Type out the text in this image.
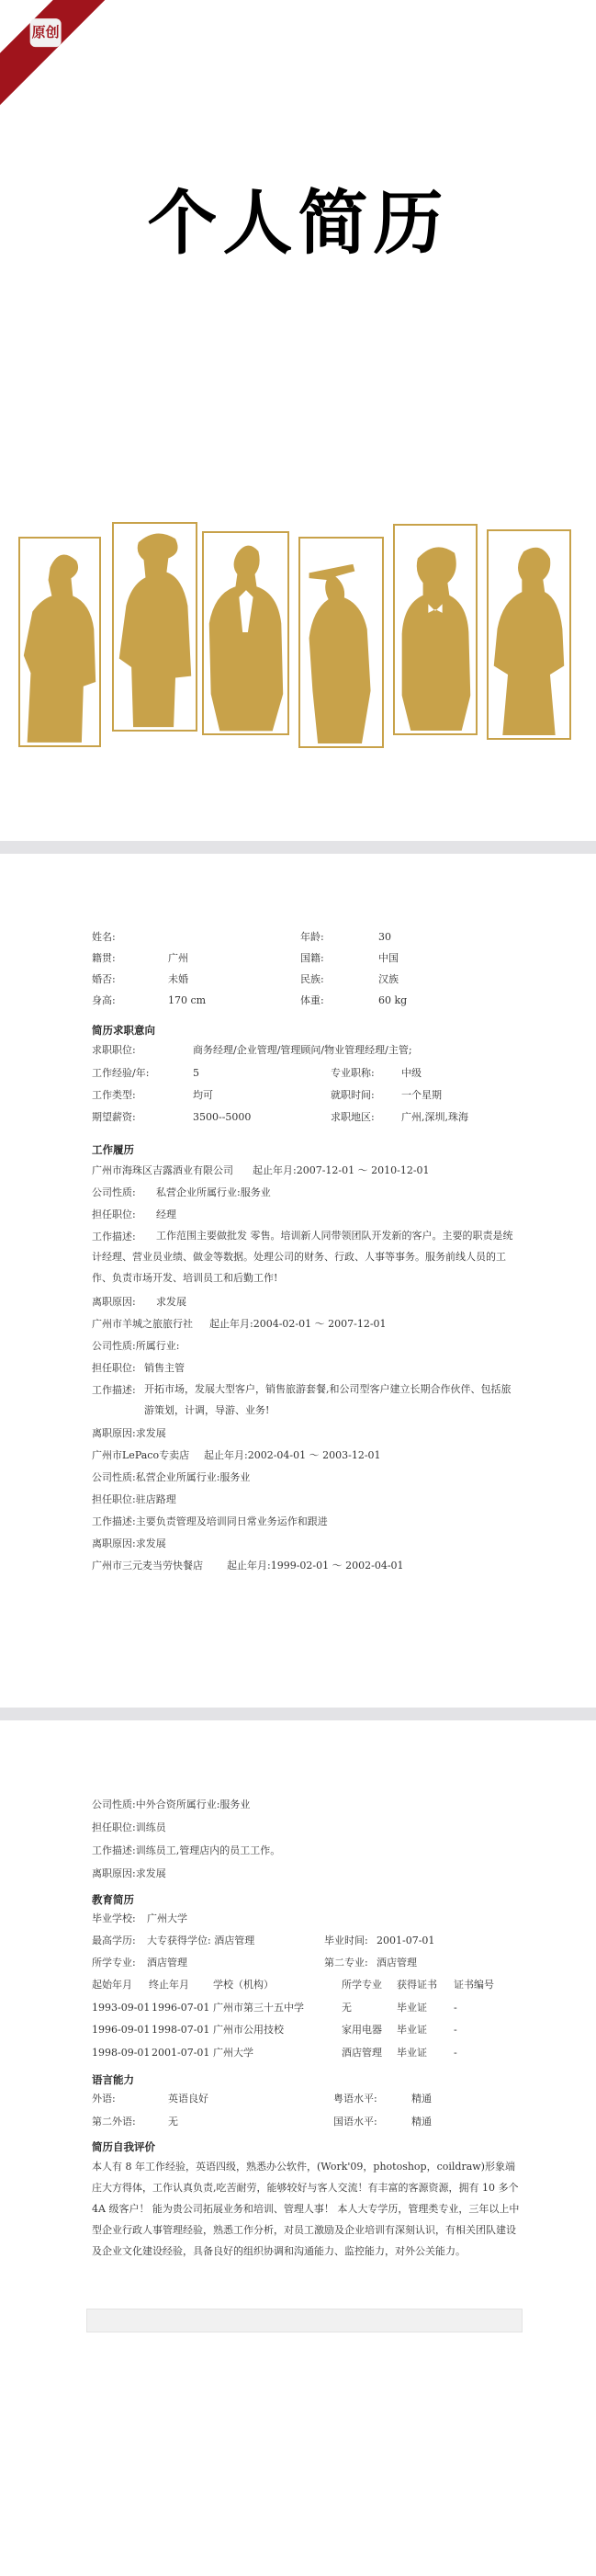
原创
个人简历
姓名:	年龄:	30
籍贯:	广州	国籍:	中国
婚否:	未婚	民族:	汉族
身高:	170 cm	体重:	60 kg
简历求职意向
求职职位:	商务经理/企业管理/管理顾问/物业管理经理/主管;
工作经验/年:	5	专业职称:	中级
工作类型:	均可	就职时间:	一个星期
期望薪资:	3500--5000	求职地区:	广州,深圳,珠海
工作履历
广州市海珠区吉露酒业有限公司 起止年月:2007-12-01 ～ 2010-12-01
公司性质: 私营企业所属行业:服务业
担任职位: 经理
工作描述:	工作范围主要做批发 零售。培训新人同带领团队开发新的客户。主要的职责是统计经理、营业员业绩、做金等数据。处理公司的财务、行政、人事等事务。服务前线人员的工作、负责市场开发、培训员工和后勤工作!
离职原因: 求发展
广州市羊城之旅旅行社 起止年月:2004-02-01 ～ 2007-12-01
公司性质:所属行业:
担任职位: 销售主管
工作描述: 开拓市场，发展大型客户，销售旅游套餐,和公司型客户建立长期合作伙伴、包括旅游策划，计调，导游、业务!
离职原因:求发展
广州市LePaco专卖店 起止年月:2002-04-01 ～ 2003-12-01
公司性质:私营企业所属行业:服务业
担任职位:驻店路理
工作描述:主要负责管理及培训同日常业务运作和跟进
离职原因:求发展
广州市三元麦当劳快餐店 起止年月:1999-02-01 ～ 2002-04-01
公司性质:中外合资所属行业:服务业
担任职位:训练员
工作描述:训练员工,管理店内的员工工作。
离职原因:求发展
教育简历
毕业学校: 广州大学
最高学历: 大专获得学位: 酒店管理	毕业时间: 2001-07-01
所学专业: 酒店管理	第二专业: 酒店管理
起始年月 终止年月 学校（机构）	所学专业 获得证书 证书编号
1993-09-01 1996-07-01 广州市第三十五中学	无	毕业证	-
1996-09-01 1998-07-01 广州市公用技校	家用电器 毕业证	-
1998-09-01 2001-07-01 广州大学	酒店管理 毕业证	-
语言能力
外语:	英语良好	粤语水平:	精通
第二外语:	无	国语水平:	精通
简历自我评价
本人有 8 年工作经验，英语四级，熟悉办公软件，(Work'09，photoshop，coildraw)形象端庄大方得体，工作认真负责,吃苦耐劳，能够较好与客人交流！有丰富的客源资源，拥有 10 多个 4A 级客户！ 能为贵公司拓展业务和培训、管理人事！ 本人大专学历，管理类专业，三年以上中型企业行政人事管理经验，熟悉工作分析，对员工激励及企业培训有深刻认识，有相关团队建设及企业文化建设经验，具备良好的组织协调和沟通能力、监控能力，对外公关能力。
